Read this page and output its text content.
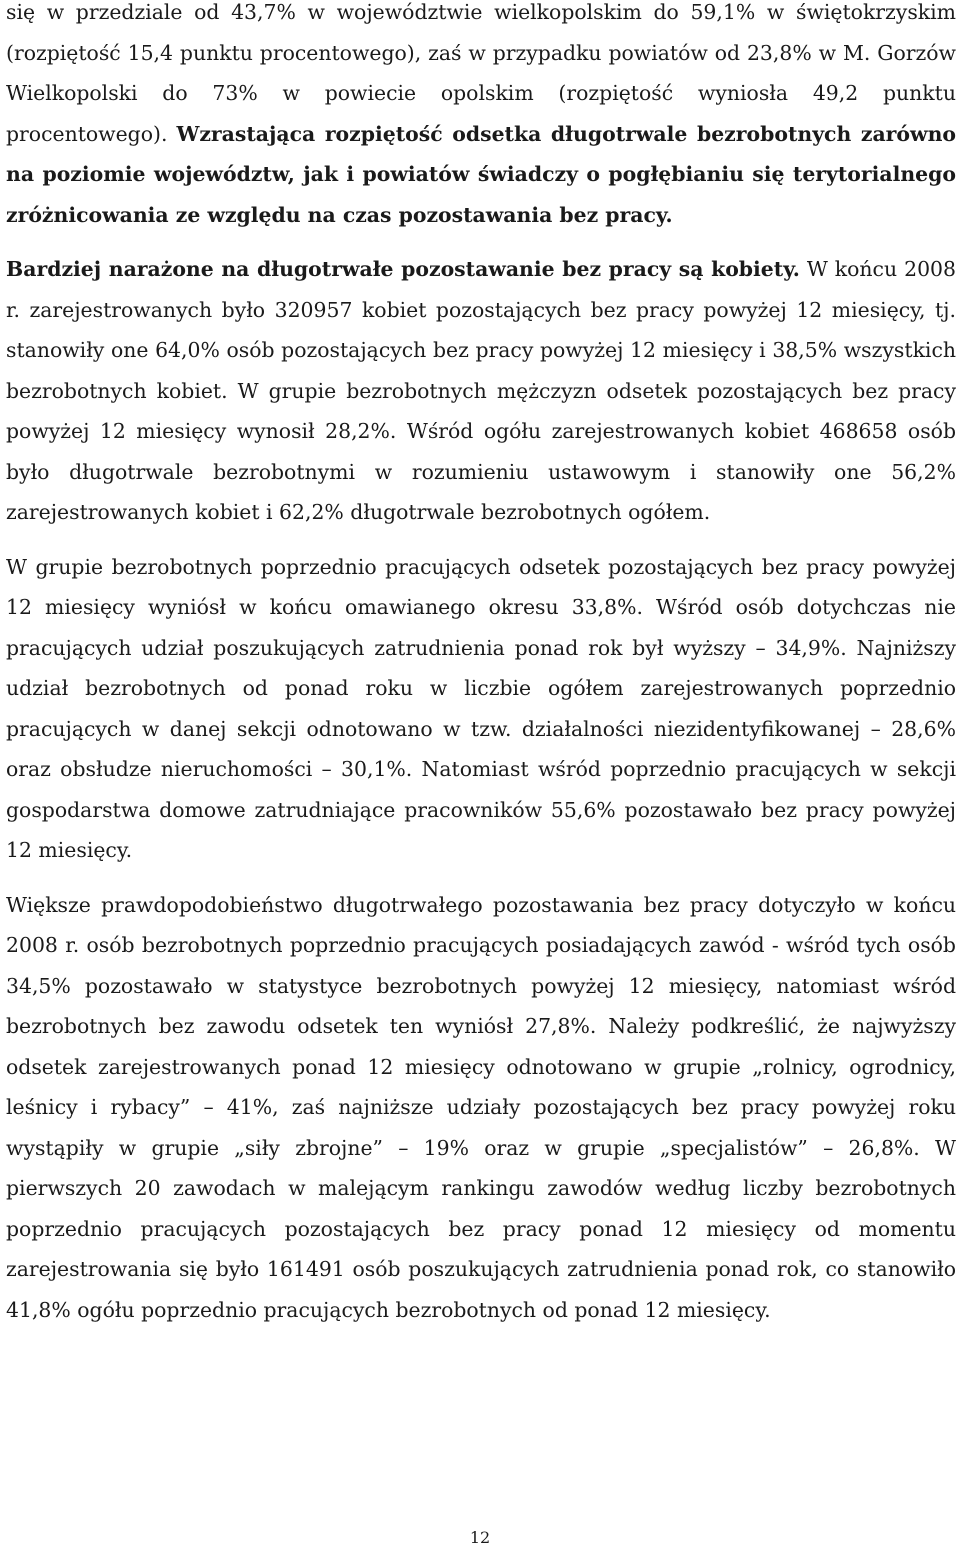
się w przedziale od 43,7% w województwie wielkopolskim do 59,1% w świętokrzyskim (rozpiętość 15,4 punktu procentowego), zaś w przypadku powiatów od 23,8% w M. Gorzów Wielkopolski do 73% w powiecie opolskim (rozpiętość wyniosła 49,2 punktu procentowego). Wzrastająca rozpiętość odsetka długotrwale bezrobotnych zarówno na poziomie województw, jak i powiatów świadczy o pogłębianiu się terytorialnego zróżnicowania ze względu na czas pozostawania bez pracy.

Bardziej narażone na długotrwałe pozostawanie bez pracy są kobiety. W końcu 2008 r. zarejestrowanych było 320957 kobiet pozostających bez pracy powyżej 12 miesięcy, tj. stanowiły one 64,0% osób pozostających bez pracy powyżej 12 miesięcy i 38,5% wszystkich bezrobotnych kobiet. W grupie bezrobotnych mężczyzn odsetek pozostających bez pracy powyżej 12 miesięcy wynosił 28,2%. Wśród ogółu zarejestrowanych kobiet 468658 osób było długotrwale bezrobotnymi w rozumieniu ustawowym i stanowiły one 56,2% zarejestrowanych kobiet i 62,2% długotrwale bezrobotnych ogółem.

W grupie bezrobotnych poprzednio pracujących odsetek pozostających bez pracy powyżej 12 miesięcy wyniósł w końcu omawianego okresu 33,8%. Wśród osób dotychczas nie pracujących udział poszukujących zatrudnienia ponad rok był wyższy – 34,9%. Najniższy udział bezrobotnych od ponad roku w liczbie ogółem zarejestrowanych poprzednio pracujących w danej sekcji odnotowano w tzw. działalności niezidentyfikowanej – 28,6% oraz obsłudze nieruchomości – 30,1%. Natomiast wśród poprzednio pracujących w sekcji gospodarstwa domowe zatrudniające pracowników 55,6% pozostawało bez pracy powyżej 12 miesięcy.

Większe prawdopodobieństwo długotrwałego pozostawania bez pracy dotyczyło w końcu 2008 r. osób bezrobotnych poprzednio pracujących posiadających zawód - wśród tych osób 34,5% pozostawało w statystyce bezrobotnych powyżej 12 miesięcy, natomiast wśród bezrobotnych bez zawodu odsetek ten wyniósł 27,8%. Należy podkreślić, że najwyższy odsetek zarejestrowanych ponad 12 miesięcy odnotowano w grupie „rolnicy, ogrodnicy, leśnicy i rybacy” – 41%, zaś najniższe udziały pozostających bez pracy powyżej roku wystąpiły w grupie „siły zbrojne” – 19% oraz w grupie „specjalistów” – 26,8%. W pierwszych 20 zawodach w malejącym rankingu zawodów według liczby bezrobotnych poprzednio pracujących pozostających bez pracy ponad 12 miesięcy od momentu zarejestrowania się było 161491 osób poszukujących zatrudnienia ponad rok, co stanowiło 41,8% ogółu poprzednio pracujących bezrobotnych od ponad 12 miesięcy.

12
